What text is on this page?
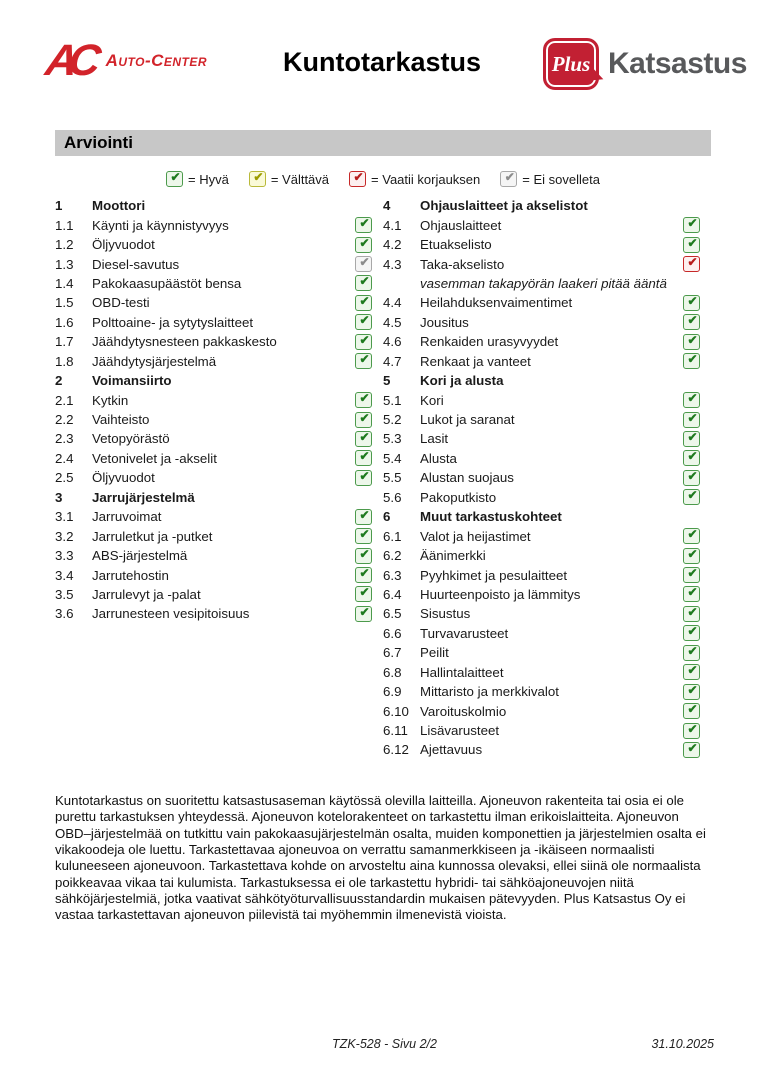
AC Auto-Center	Kuntotarkastus	Plus Katsastus
Arviointi
✔ = Hyvä ✔ = Välttävä ✔ = Vaatii korjauksen ✔ = Ei sovelleta
1	Moottori
1.1	Käynti ja käynnistyvyys	✔
1.2	Öljyvuodot	✔
1.3	Diesel-savutus	✔
1.4	Pakokaasupäästöt bensa	✔
1.5	OBD-testi	✔
1.6	Polttoaine- ja sytytyslaitteet	✔
1.7	Jäähdytysnesteen pakkaskesto	✔
1.8	Jäähdytysjärjestelmä	✔
2	Voimansiirto
2.1	Kytkin	✔
2.2	Vaihteisto	✔
2.3	Vetopyörästö	✔
2.4	Vetonivelet ja -akselit	✔
2.5	Öljyvuodot	✔
3	Jarrujärjestelmä
3.1	Jarruvoimat	✔
3.2	Jarruletkut ja -putket	✔
3.3	ABS-järjestelmä	✔
3.4	Jarrutehostin	✔
3.5	Jarrulevyt ja -palat	✔
3.6	Jarrunesteen vesipitoisuus	✔
4	Ohjauslaitteet ja akselistot
4.1	Ohjauslaitteet	✔
4.2	Etuakselisto	✔
4.3	Taka-akselisto	✔
vasemman takapyörän laakeri pitää ääntä
4.4	Heilahduksenvaimentimet	✔
4.5	Jousitus	✔
4.6	Renkaiden urasyvyydet	✔
4.7	Renkaat ja vanteet	✔
5	Kori ja alusta
5.1	Kori	✔
5.2	Lukot ja saranat	✔
5.3	Lasit	✔
5.4	Alusta	✔
5.5	Alustan suojaus	✔
5.6	Pakoputkisto	✔
6	Muut tarkastuskohteet
6.1	Valot ja heijastimet	✔
6.2	Äänimerkki	✔
6.3	Pyyhkimet ja pesulaitteet	✔
6.4	Huurteenpoisto ja lämmitys	✔
6.5	Sisustus	✔
6.6	Turvavarusteet	✔
6.7	Peilit	✔
6.8	Hallintalaitteet	✔
6.9	Mittaristo ja merkkivalot	✔
6.10 Varoituskolmio	✔
6.11 Lisävarusteet	✔
6.12 Ajettavuus	✔
Kuntotarkastus on suoritettu katsastusaseman käytössä olevilla laitteilla. Ajoneuvon rakenteita tai osia ei ole purettu tarkastuksen yhteydessä. Ajoneuvon kotelorakenteet on tarkastettu ilman erikoislaitteita. Ajoneuvon OBD–järjestelmää on tutkittu vain pakokaasujärjestelmän osalta, muiden komponettien ja järjestelmien osalta ei vikakoodeja ole luettu. Tarkastettavaa ajoneuvoa on verrattu samanmerkkiseen ja -ikäiseen normaalisti kuluneeseen ajoneuvoon. Tarkastettava kohde on arvosteltu aina kunnossa olevaksi, ellei siinä ole normaalista poikkeavaa vikaa tai kulumista. Tarkastuksessa ei ole tarkastettu hybridi- tai sähköajoneuvojen niitä sähköjärjestelmiä, jotka vaativat sähkötyöturvallisuusstandardin mukaisen pätevyyden. Plus Katsastus Oy ei vastaa tarkastettavan ajoneuvon piilevistä tai myöhemmin ilmenevistä vioista.
TZK-528 - Sivu 2/2	31.10.2025
